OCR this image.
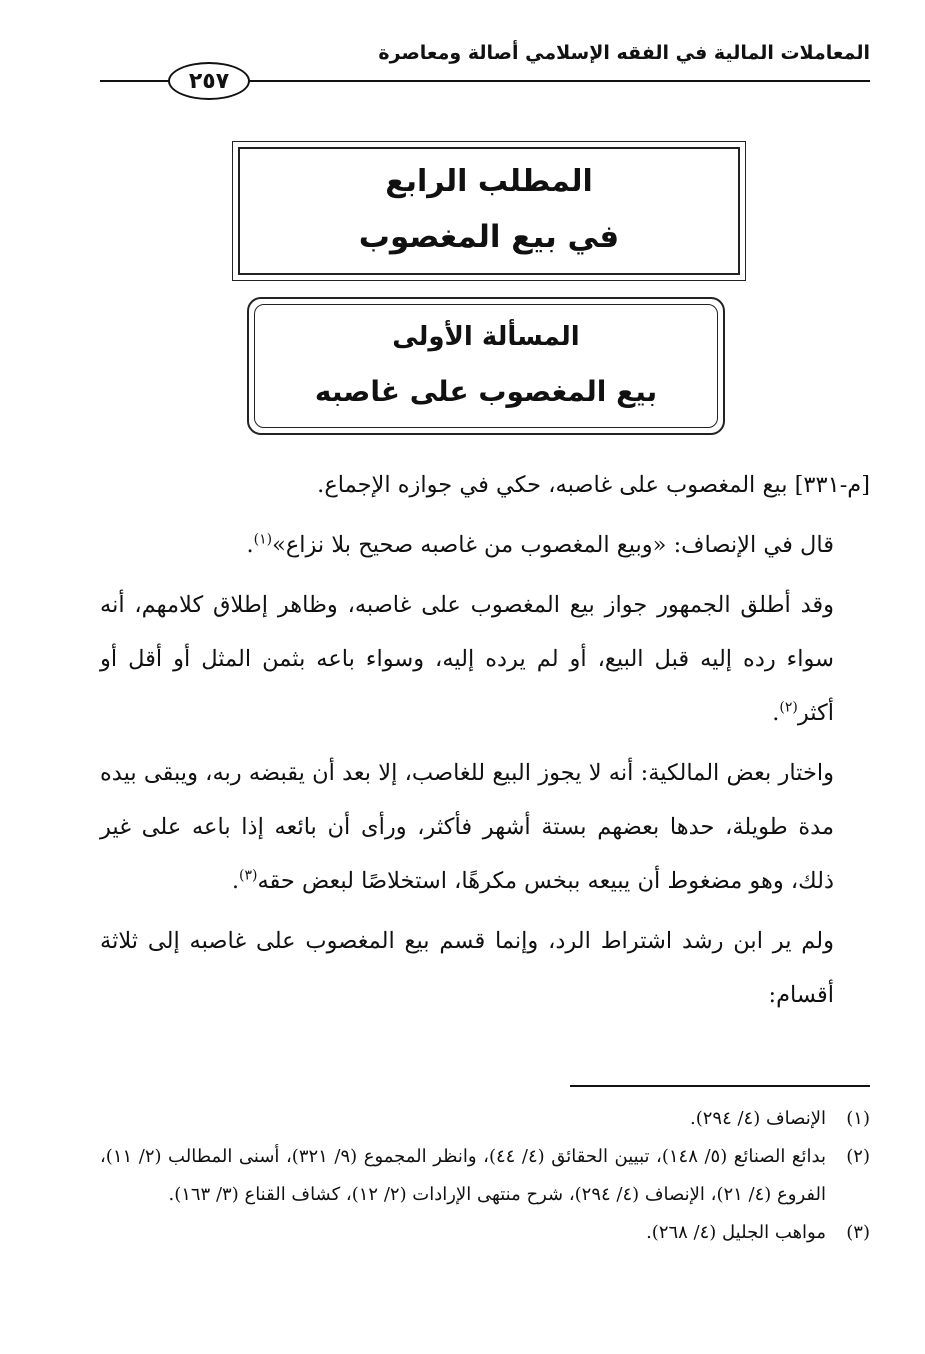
المعاملات المالية في الفقه الإسلامي أصالة ومعاصرة
٢٥٧
المطلب الرابع
في بيع المغصوب
المسألة الأولى
بيع المغصوب على غاصبه

[م-٣٣١] بيع المغصوب على غاصبه، حكي في جوازه الإجماع.

قال في الإنصاف: «وبيع المغصوب من غاصبه صحيح بلا نزاع»$^{(١)}$.

وقد أطلق الجمهور جواز بيع المغصوب على غاصبه، وظاهر إطلاق كلامهم، أنه سواء رده إليه قبل البيع، أو لم يرده إليه، وسواء باعه بثمن المثل أو أقل أو أكثر$^{(٢)}$.

واختار بعض المالكية: أنه لا يجوز البيع للغاصب، إلا بعد أن يقبضه ربه، ويبقى بيده مدة طويلة، حدها بعضهم بستة أشهر فأكثر، ورأى أن بائعه إذا باعه على غير ذلك، وهو مضغوط أن يبيعه ببخس مكرهًا، استخلاصًا لبعض حقه$^{(٣)}$.

ولم ير ابن رشد اشتراط الرد، وإنما قسم بيع المغصوب على غاصبه إلى ثلاثة أقسام:

(١)
الإنصاف (٤/ ٢٩٤).
(٢)
بدائع الصنائع (٥/ ١٤٨)، تبيين الحقائق (٤/ ٤٤)، وانظر المجموع (٩/ ٣٢١)، أسنى المطالب (٢/ ١١)، الفروع (٤/ ٢١)، الإنصاف (٤/ ٢٩٤)، شرح منتهى الإرادات (٢/ ١٢)، كشاف القناع (٣/ ١٦٣).
(٣)
مواهب الجليل (٤/ ٢٦٨).
